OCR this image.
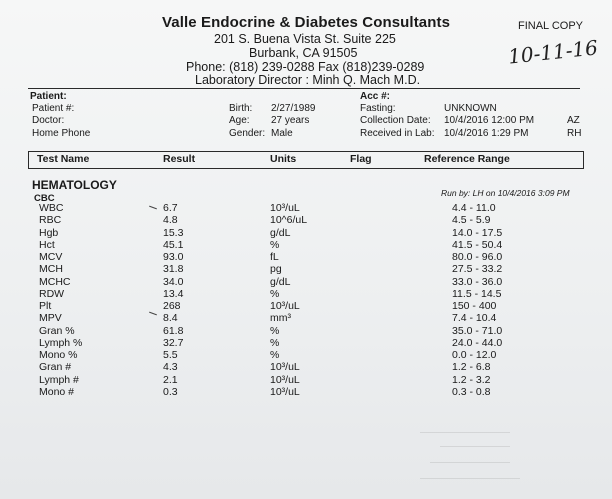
Valle Endocrine & Diabetes Consultants
201 S. Buena Vista St. Suite 225
Burbank, CA 91505
Phone: (818) 239-0288 Fax (818)239-0289
Laboratory Director : Minh Q. Mach M.D.
FINAL COPY
10-11-16
Patient:
Patient #:
Doctor:
Home Phone
Birth: 2/27/1989
Age: 27 years
Gender: Male
Acc #:
Fasting:	UNKNOWN
Collection Date: 10/4/2016 12:00 PM	AZ
Received in Lab: 10/4/2016 1:29 PM	RH
Test Name	Result	Units	Flag	Reference Range
HEMATOLOGY
CBC	Run by: LH on 10/4/2016 3:09 PM
WBC	6.7	10³/uL	4.4 - 11.0
RBC	4.8	10^6/uL	4.5 - 5.9
Hgb	15.3	g/dL	14.0 - 17.5
Hct	45.1	%	41.5 - 50.4
MCV	93.0	fL	80.0 - 96.0
MCH	31.8	pg	27.5 - 33.2
MCHC	34.0	g/dL	33.0 - 36.0
RDW	13.4	%	11.5 - 14.5
Plt	268	10³/uL	150 - 400
MPV	8.4	mm³	7.4 - 10.4
Gran %	61.8	%	35.0 - 71.0
Lymph %	32.7	%	24.0 - 44.0
Mono %	5.5	%	0.0 - 12.0
Gran #	4.3	10³/uL	1.2 - 6.8
Lymph #	2.1	10³/uL	1.2 - 3.2
Mono #	0.3	10³/uL	0.3 - 0.8
